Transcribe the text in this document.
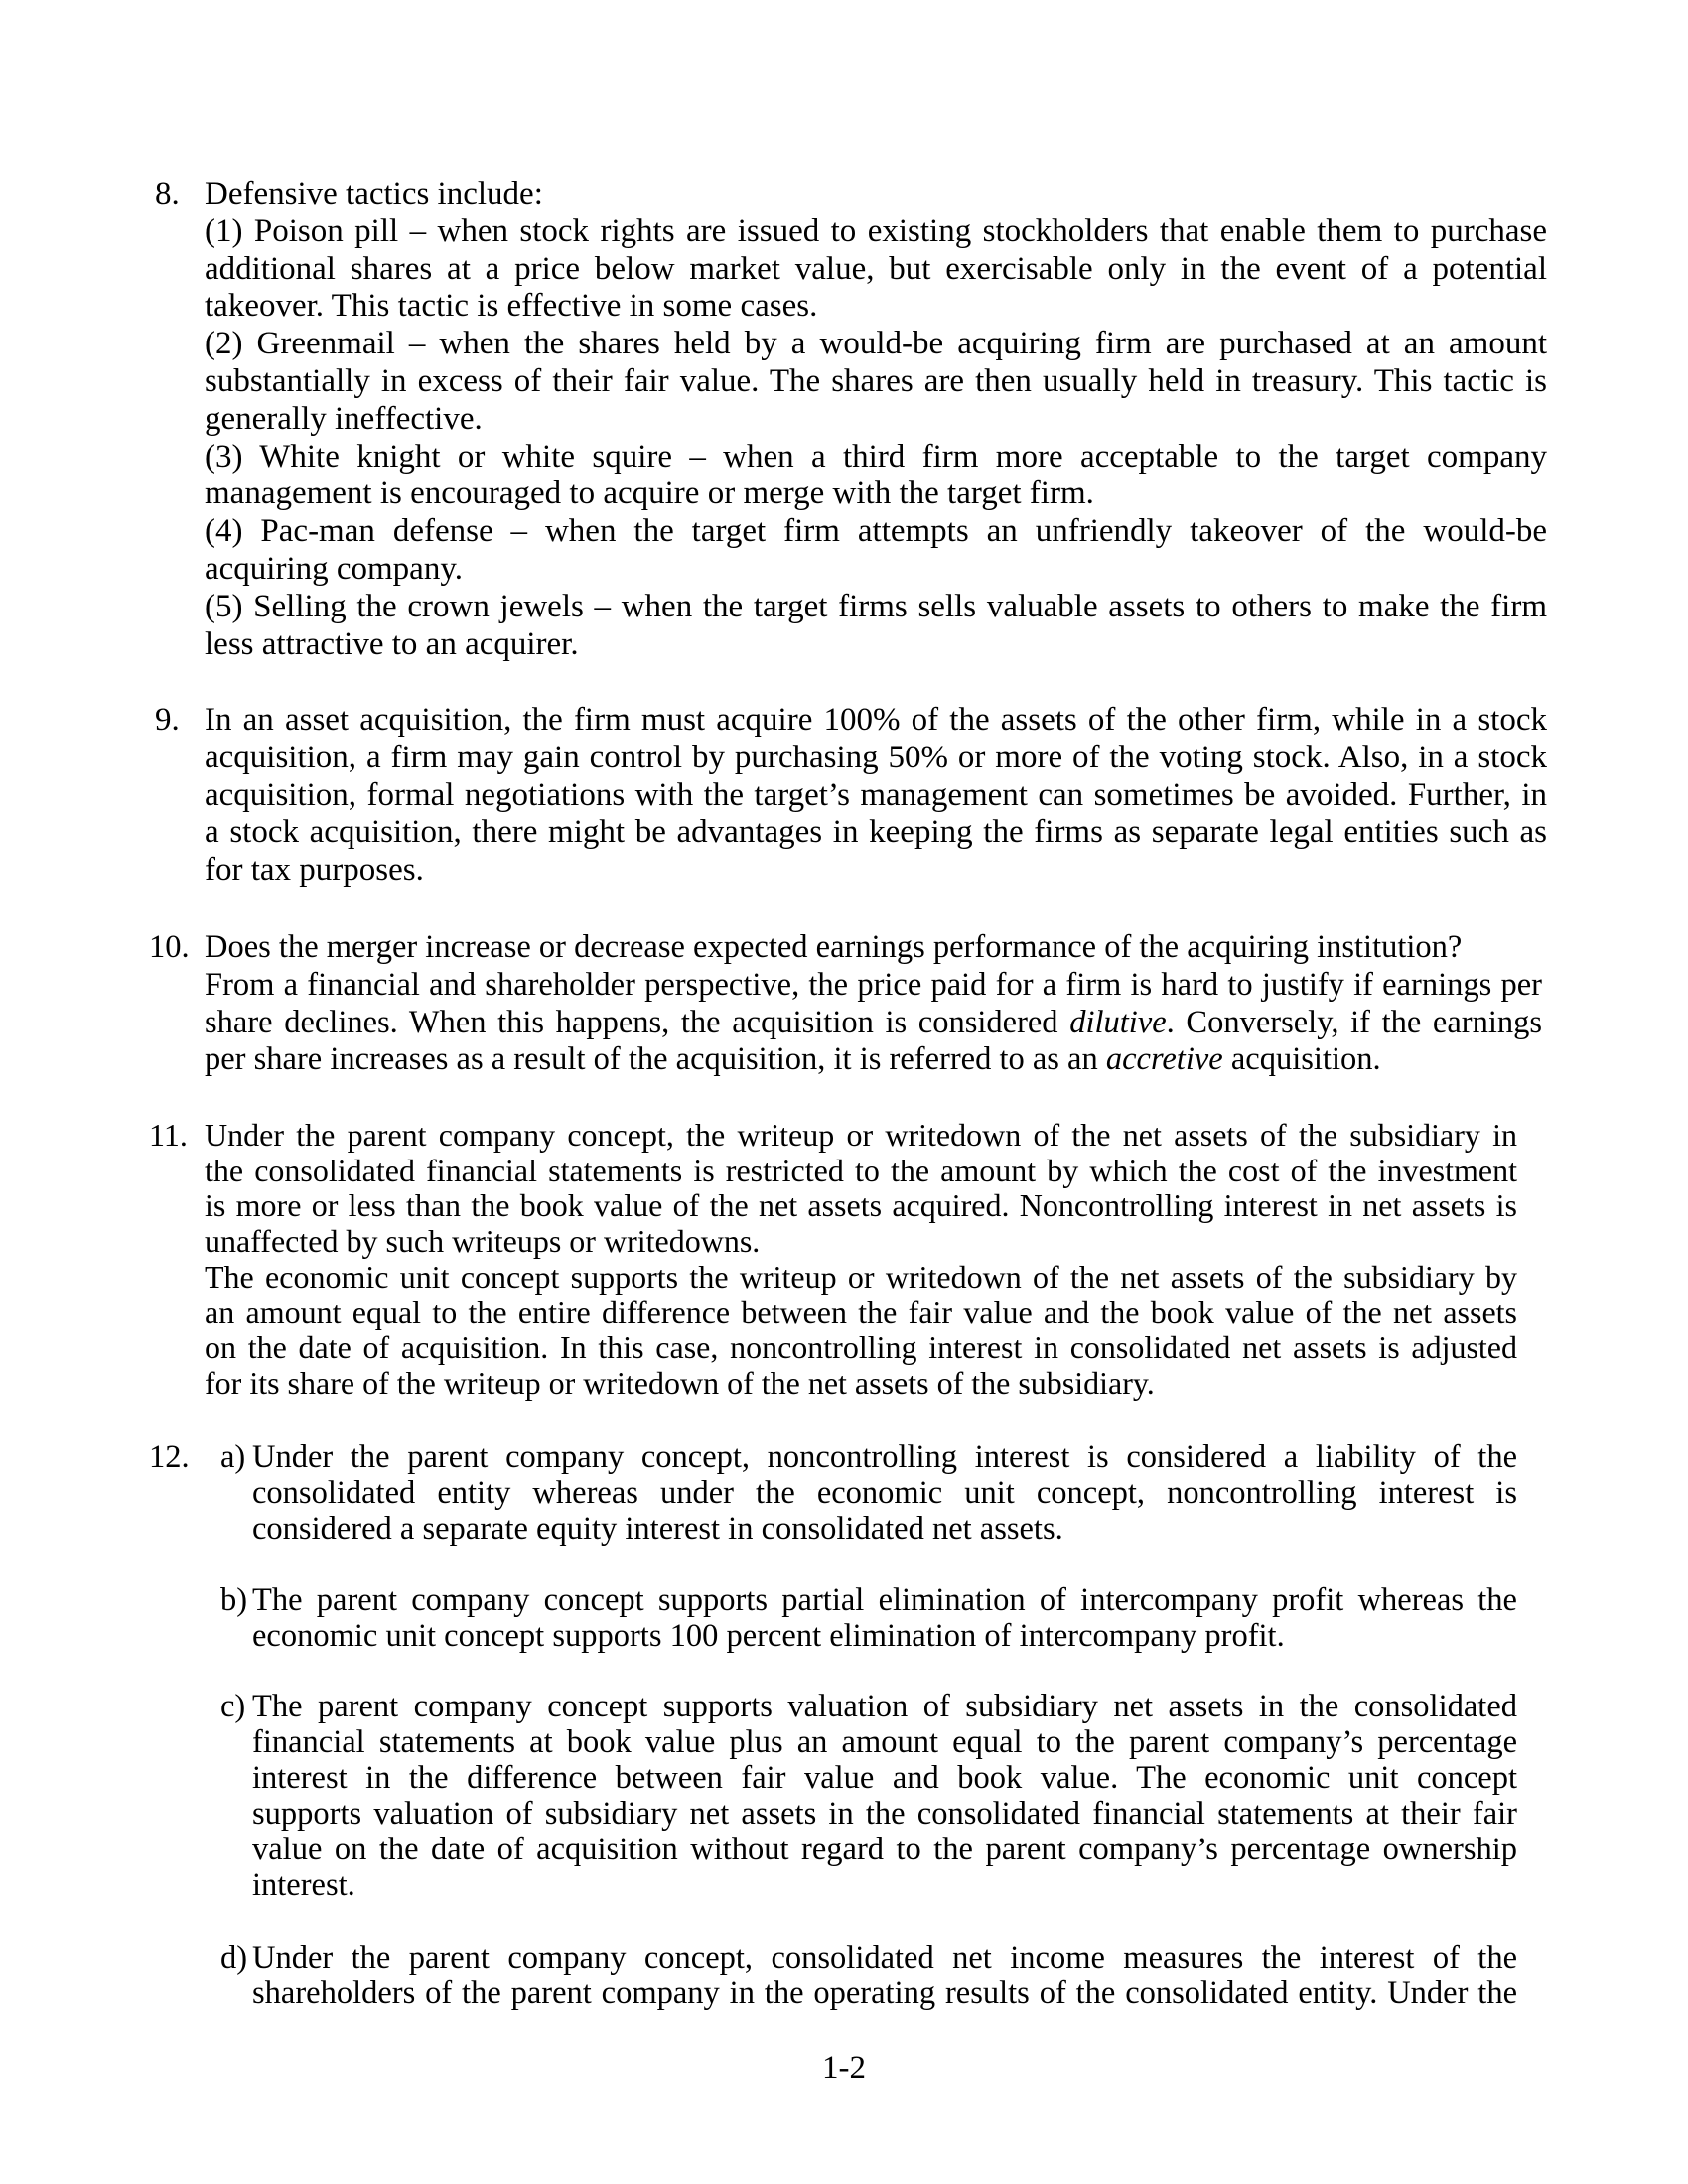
8. Defensive tactics include:
(1) Poison pill – when stock rights are issued to existing stockholders that enable them to purchase
additional shares at a price below market value, but exercisable only in the event of a potential
takeover. This tactic is effective in some cases.
(2) Greenmail – when the shares held by a would-be acquiring firm are purchased at an amount
substantially in excess of their fair value. The shares are then usually held in treasury. This tactic is
generally ineffective.
(3) White knight or white squire – when a third firm more acceptable to the target company
management is encouraged to acquire or merge with the target firm.
(4) Pac-man defense – when the target firm attempts an unfriendly takeover of the would-be
acquiring company.
(5) Selling the crown jewels – when the target firms sells valuable assets to others to make the firm
less attractive to an acquirer.
9. In an asset acquisition, the firm must acquire 100% of the assets of the other firm, while in a stock
acquisition, a firm may gain control by purchasing 50% or more of the voting stock. Also, in a stock
acquisition, formal negotiations with the target’s management can sometimes be avoided. Further, in
a stock acquisition, there might be advantages in keeping the firms as separate legal entities such as
for tax purposes.
10. Does the merger increase or decrease expected earnings performance of the acquiring institution?
From a financial and shareholder perspective, the price paid for a firm is hard to justify if earnings per
share declines. When this happens, the acquisition is considered dilutive. Conversely, if the earnings
per share increases as a result of the acquisition, it is referred to as an accretive acquisition.
11. Under the parent company concept, the writeup or writedown of the net assets of the subsidiary in
the consolidated financial statements is restricted to the amount by which the cost of the investment
is more or less than the book value of the net assets acquired. Noncontrolling interest in net assets is
unaffected by such writeups or writedowns.
The economic unit concept supports the writeup or writedown of the net assets of the subsidiary by
an amount equal to the entire difference between the fair value and the book value of the net assets
on the date of acquisition. In this case, noncontrolling interest in consolidated net assets is adjusted
for its share of the writeup or writedown of the net assets of the subsidiary.
12. a) Under the parent company concept, noncontrolling interest is considered a liability of the
consolidated entity whereas under the economic unit concept, noncontrolling interest is
considered a separate equity interest in consolidated net assets.
b) The parent company concept supports partial elimination of intercompany profit whereas the
economic unit concept supports 100 percent elimination of intercompany profit.
c) The parent company concept supports valuation of subsidiary net assets in the consolidated
financial statements at book value plus an amount equal to the parent company’s percentage
interest in the difference between fair value and book value. The economic unit concept
supports valuation of subsidiary net assets in the consolidated financial statements at their fair
value on the date of acquisition without regard to the parent company’s percentage ownership
interest.
d) Under the parent company concept, consolidated net income measures the interest of the
shareholders of the parent company in the operating results of the consolidated entity. Under the
1-2
